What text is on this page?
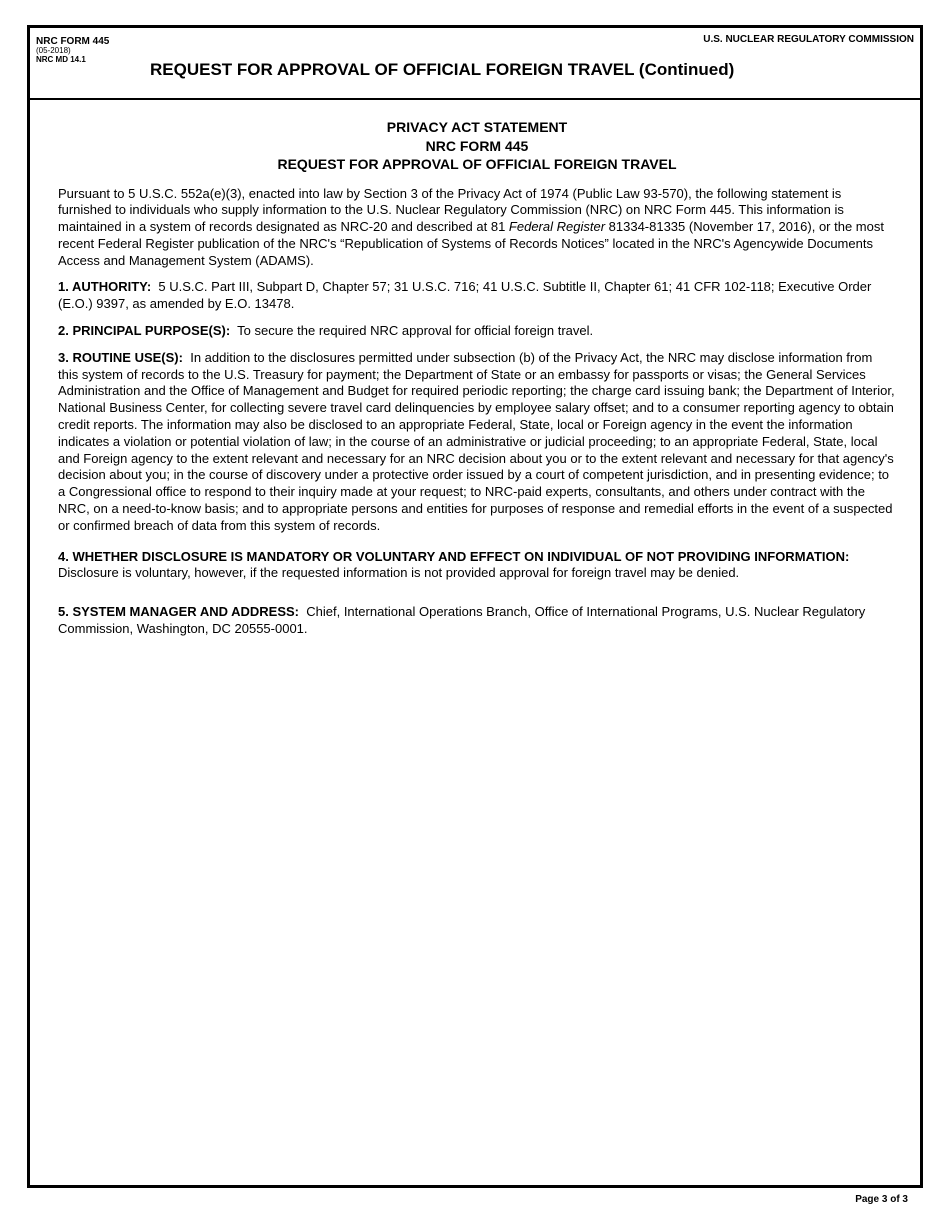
NRC FORM 445
(05-2018)
NRC MD 14.1
U.S. NUCLEAR REGULATORY COMMISSION
REQUEST FOR APPROVAL OF OFFICIAL FOREIGN TRAVEL (Continued)
PRIVACY ACT STATEMENT
NRC FORM 445
REQUEST FOR APPROVAL OF OFFICIAL FOREIGN TRAVEL

Pursuant to 5 U.S.C. 552a(e)(3), enacted into law by Section 3 of the Privacy Act of 1974 (Public Law 93-570), the following statement is furnished to individuals who supply information to the U.S. Nuclear Regulatory Commission (NRC) on NRC Form 445. This information is maintained in a system of records designated as NRC-20 and described at 81 Federal Register 81334-81335 (November 17, 2016), or the most recent Federal Register publication of the NRC's “Republication of Systems of Records Notices” located in the NRC's Agencywide Documents Access and Management System (ADAMS).

1. AUTHORITY: 5 U.S.C. Part III, Subpart D, Chapter 57; 31 U.S.C. 716; 41 U.S.C. Subtitle II, Chapter 61; 41 CFR 102-118; Executive Order (E.O.) 9397, as amended by E.O. 13478.

2. PRINCIPAL PURPOSE(S): To secure the required NRC approval for official foreign travel.

3. ROUTINE USE(S): In addition to the disclosures permitted under subsection (b) of the Privacy Act, the NRC may disclose information from this system of records to the U.S. Treasury for payment; the Department of State or an embassy for passports or visas; the General Services Administration and the Office of Management and Budget for required periodic reporting; the charge card issuing bank; the Department of Interior, National Business Center, for collecting severe travel card delinquencies by employee salary offset; and to a consumer reporting agency to obtain credit reports. The information may also be disclosed to an appropriate Federal, State, local or Foreign agency in the event the information indicates a violation or potential violation of law; in the course of an administrative or judicial proceeding; to an appropriate Federal, State, local and Foreign agency to the extent relevant and necessary for an NRC decision about you or to the extent relevant and necessary for that agency's decision about you; in the course of discovery under a protective order issued by a court of competent jurisdiction, and in presenting evidence; to a Congressional office to respond to their inquiry made at your request; to NRC-paid experts, consultants, and others under contract with the NRC, on a need-to-know basis; and to appropriate persons and entities for purposes of response and remedial efforts in the event of a suspected or confirmed breach of data from this system of records.

4. WHETHER DISCLOSURE IS MANDATORY OR VOLUNTARY AND EFFECT ON INDIVIDUAL OF NOT PROVIDING INFORMATION:  Disclosure is voluntary, however, if the requested information is not provided approval for foreign travel may be denied.

5. SYSTEM MANAGER AND ADDRESS: Chief, International Operations Branch, Office of International Programs, U.S. Nuclear Regulatory Commission, Washington, DC 20555-0001.

Page 3 of 3
